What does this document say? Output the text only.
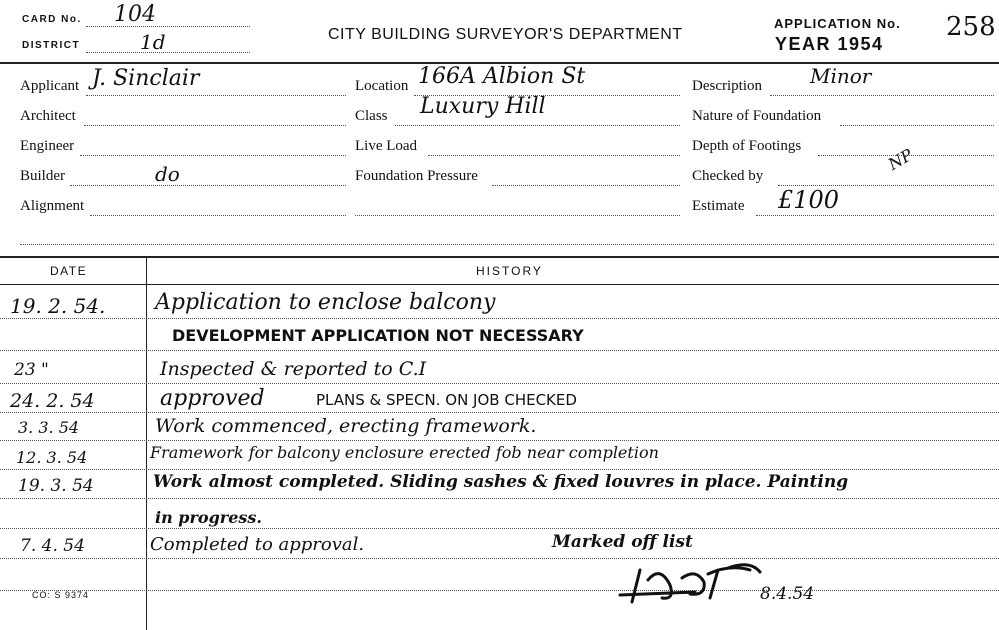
CARD No. 104
DISTRICT	1d	CITY BUILDING SURVEYOR'S DEPARTMENT
APPLICATION No.
YEAR 1954
258
Applicant J. Sinclair
Architect
Engineer
Builder	do
Alignment
Location 166A Albion St
Class Luxury Hill
Live Load
Foundation Pressure
Description Minor
Nature of Foundation
Depth of Footings
Checked by
NP
Estimate £100
DATE	HISTORY
19. 2. 54. Application to enclose balcony
DEVELOPMENT APPLICATION NOT NECESSARY
23 "	Inspected & reported to C.I
24. 2. 54	approved	PLANS & SPECN. ON JOB CHECKED
3. 3. 54	Work commenced, erecting framework.
12. 3. 54	Framework for balcony enclosure erected fob near completion
19. 3. 54	Work almost completed. Sliding sashes & fixed louvres in place. Painting
in progress.
7. 4. 54	Completed to approval.	Marked off list
8.4.54
CO: S 9374
